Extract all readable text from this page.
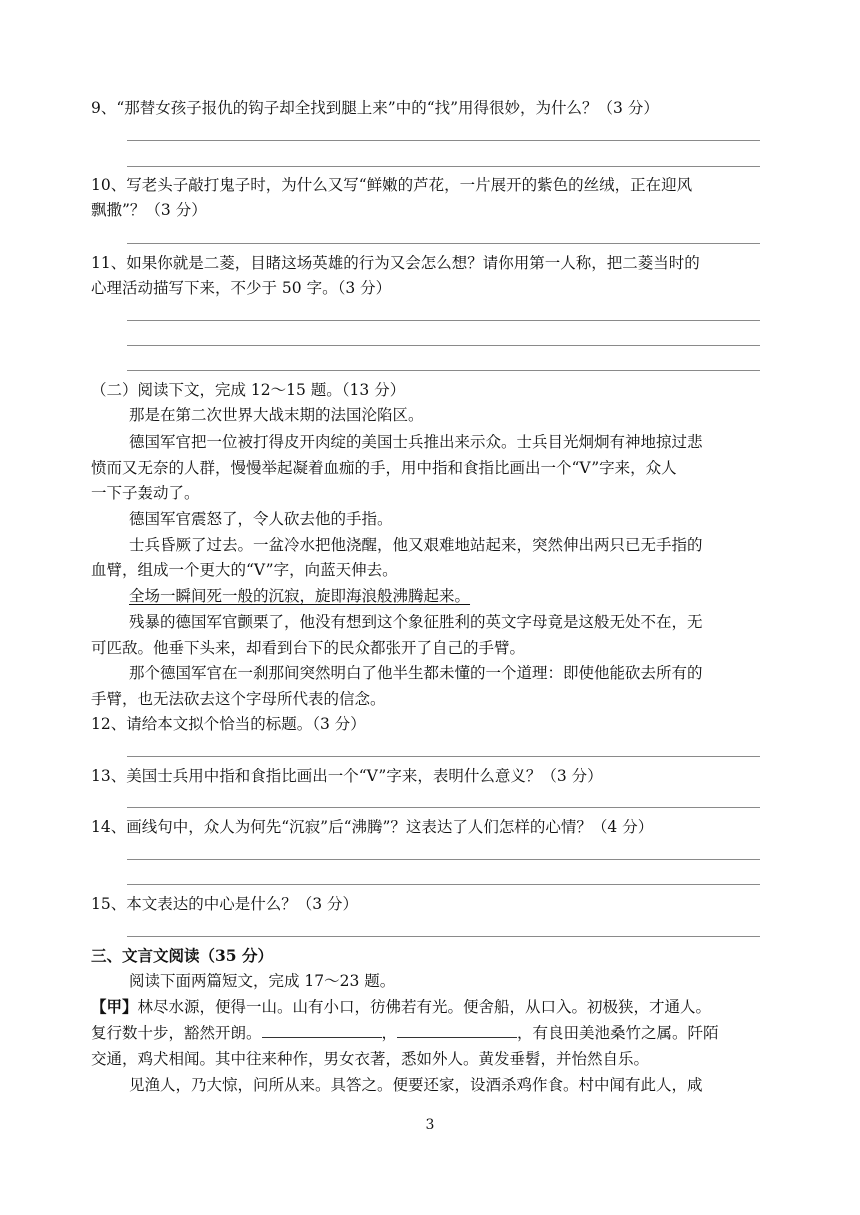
9、“那替女孩子报仇的钩子却全找到腿上来”中的“找”用得很妙，为什么？（3 分）
10、写老头子敲打鬼子时，为什么又写“鲜嫩的芦花，一片展开的紫色的丝绒，正在迎风
飘撒”？（3 分）
11、如果你就是二菱，目睹这场英雄的行为又会怎么想？请你用第一人称，把二菱当时的
心理活动描写下来，不少于 50 字。（3 分）
（二）阅读下文，完成 12～15 题。（13 分）
那是在第二次世界大战末期的法国沦陷区。
德国军官把一位被打得皮开肉绽的美国士兵推出来示众。士兵目光炯炯有神地掠过悲
愤而又无奈的人群，慢慢举起凝着血痂的手，用中指和食指比画出一个“V”字来，众人
一下子轰动了。
德国军官震怒了，令人砍去他的手指。
士兵昏厥了过去。一盆冷水把他浇醒，他又艰难地站起来，突然伸出两只已无手指的
血臂，组成一个更大的“V”字，向蓝天伸去。
全场一瞬间死一般的沉寂，旋即海浪般沸腾起来。
残暴的德国军官颤栗了，他没有想到这个象征胜利的英文字母竟是这般无处不在，无
可匹敌。他垂下头来，却看到台下的民众都张开了自己的手臂。
那个德国军官在一刹那间突然明白了他半生都未懂的一个道理：即使他能砍去所有的
手臂，也无法砍去这个字母所代表的信念。
12、请给本文拟个恰当的标题。（3 分）
13、美国士兵用中指和食指比画出一个“V”字来，表明什么意义？（3 分）
14、画线句中，众人为何先“沉寂”后“沸腾”？这表达了人们怎样的心情？（4 分）
15、本文表达的中心是什么？（3 分）
三、文言文阅读（35 分）
阅读下面两篇短文，完成 17～23 题。
【甲】林尽水源，便得一山。山有小口，彷佛若有光。便舍船，从口入。初极狭，才通人。
复行数十步，豁然开朗。	，	，有良田美池桑竹之属。阡陌
交通，鸡犬相闻。其中往来种作，男女衣著，悉如外人。黄发垂髫，并怡然自乐。
见渔人，乃大惊，问所从来。具答之。便要还家，设酒杀鸡作食。村中闻有此人，咸
3
